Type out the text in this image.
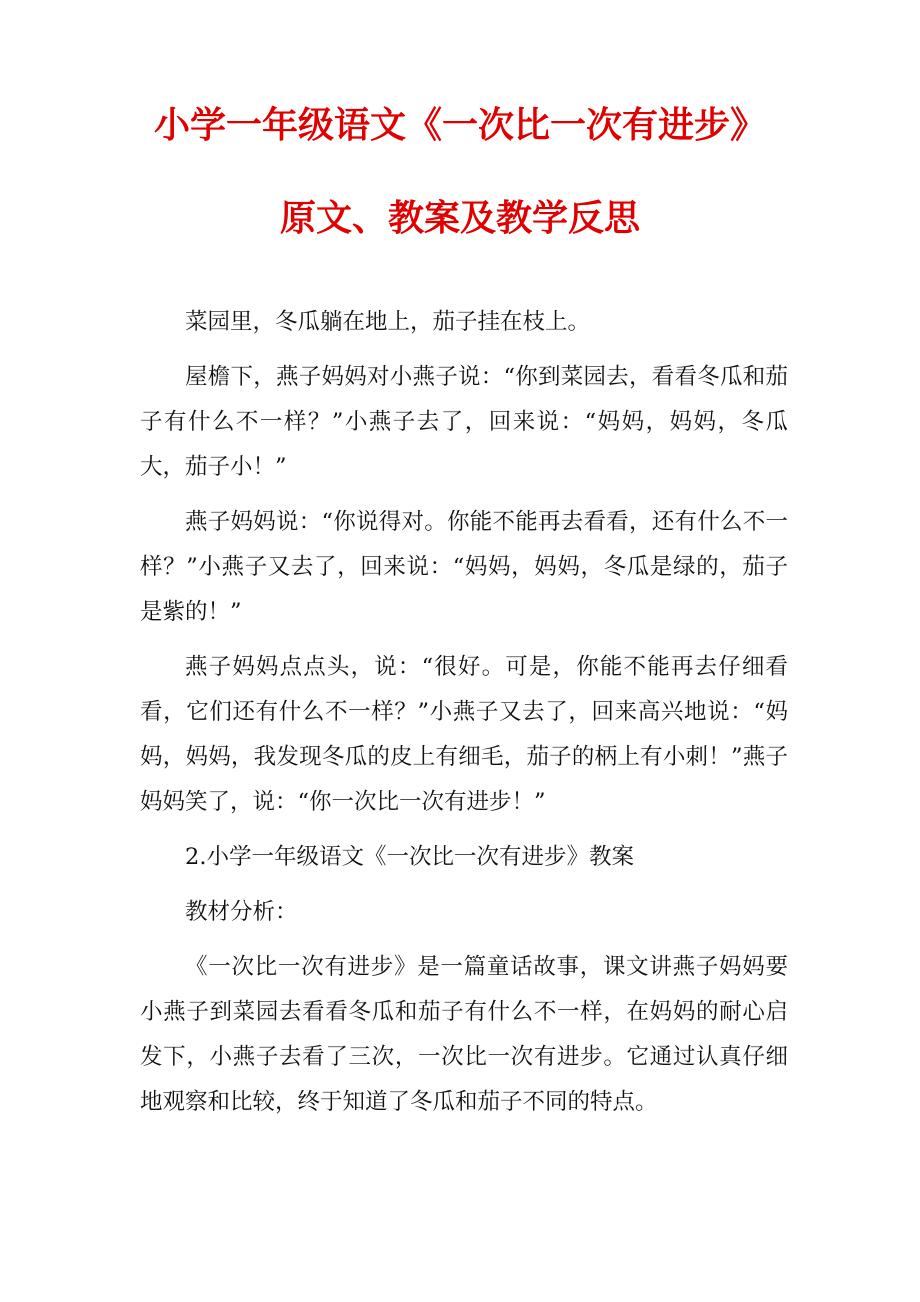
小学一年级语文《一次比一次有进步》
原文、教案及教学反思

菜园里，冬瓜躺在地上，茄子挂在枝上。

屋檐下，燕子妈妈对小燕子说：“你到菜园去，看看冬瓜和茄子有什么不一样？”小燕子去了，回来说：“妈妈，妈妈，冬瓜大，茄子小！”

燕子妈妈说：“你说得对。你能不能再去看看，还有什么不一样？”小燕子又去了，回来说：“妈妈，妈妈，冬瓜是绿的，茄子是紫的！”

燕子妈妈点点头，说：“很好。可是，你能不能再去仔细看看，它们还有什么不一样？”小燕子又去了，回来高兴地说：“妈妈，妈妈，我发现冬瓜的皮上有细毛，茄子的柄上有小刺！”燕子妈妈笑了，说：“你一次比一次有进步！”

2.小学一年级语文《一次比一次有进步》教案

教材分析：

《一次比一次有进步》是一篇童话故事，课文讲燕子妈妈要小燕子到菜园去看看冬瓜和茄子有什么不一样，在妈妈的耐心启发下，小燕子去看了三次，一次比一次有进步。它通过认真仔细地观察和比较，终于知道了冬瓜和茄子不同的特点。
